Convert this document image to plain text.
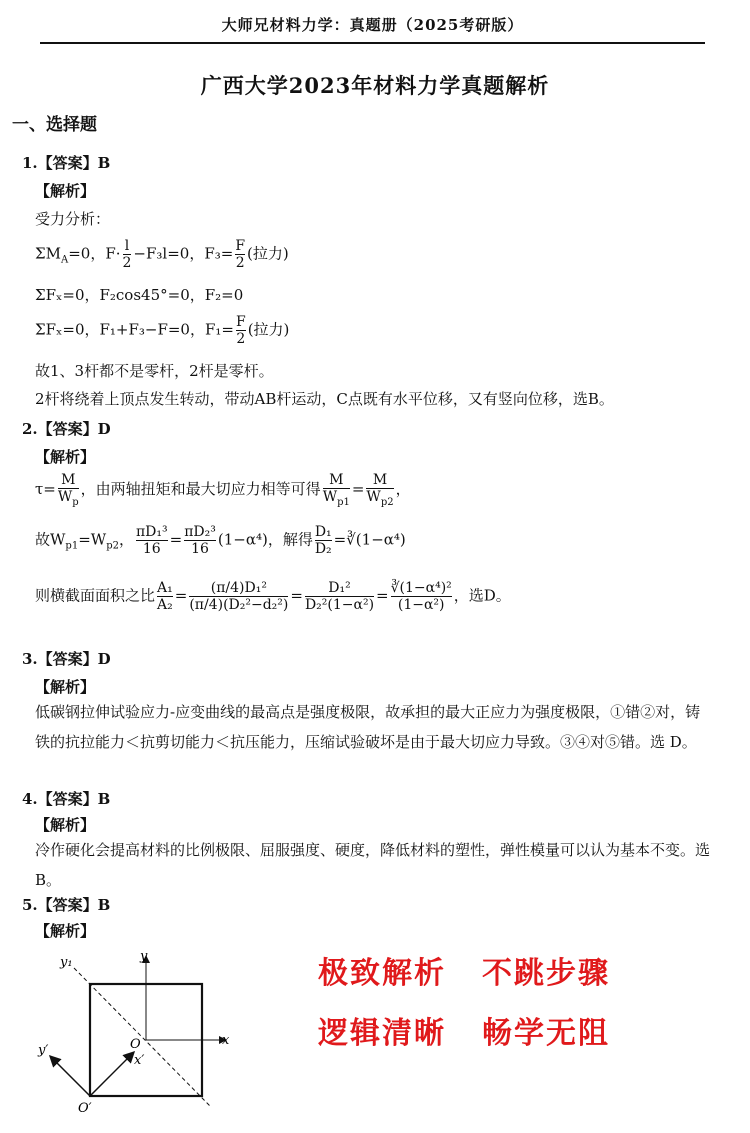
大师兄材料力学：真题册（2025考研版）
广西大学2023年材料力学真题解析
一、选择题
1.【答案】B
【解析】
受力分析：
$\Sigma M_A=0$，$F\cdot \frac{l}{2} -F_3l=0$，$F_3= \frac{F}{2}$ (拉力)
ΣFₓ=0，F₂cos45°=0，F₂=0
ΣFₓ=0，F₁+F₃−F=0，$F_1= \frac{F}{2}$ (拉力)
故1、3杆都不是零杆，2杆是零杆。
2杆将绕着上顶点发生转动，带动AB杆运动，C点既有水平位移，又有竖向位移，选B。
2.【答案】D
【解析】
$\tau= \frac{M}{W_p}$ ，由两轴扭矩和最大切应力相等可得 $\frac{M}{W_{p1}} = \frac{M}{W_{p2}}$ ，
故$W_{p1}=W_{p2}$， $\frac{\text{πD₁³}}{16} = \frac{\text{πD₂³}}{16} (1-\alpha^4)$，解得 $\frac{\text{D₁}}{\text{D₂}}$ =∛(1−α⁴)
则横截面面积之比 $\frac{\text{A₁}}{\text{A₂}} = \frac{\text{(π/4)D₁²}}{\text{(π/4)(D₂²−d₂²)}} = \frac{\text{D₁²}}{\text{D₂²(1−α²)}} = \frac{\text{∛(1−α⁴)²}}{\text{(1−α²)}}$ ，选D。
3.【答案】D
【解析】
低碳钢拉伸试验应力-应变曲线的最高点是强度极限，故承担的最大正应力为强度极限，①错②对，铸铁的抗拉能力＜抗剪切能力＜抗压能力，压缩试验破坏是由于最大切应力导致。③④对⑤错。选 D。
4.【答案】B
【解析】
冷作硬化会提高材料的比例极限、屈服强度、硬度，降低材料的塑性，弹性模量可以认为基本不变。选 B。
5.【答案】B
【解析】
y₁	y
x
y′	O
x′
O′
极致解析 不跳步骤
逻辑清晰 畅学无阻
